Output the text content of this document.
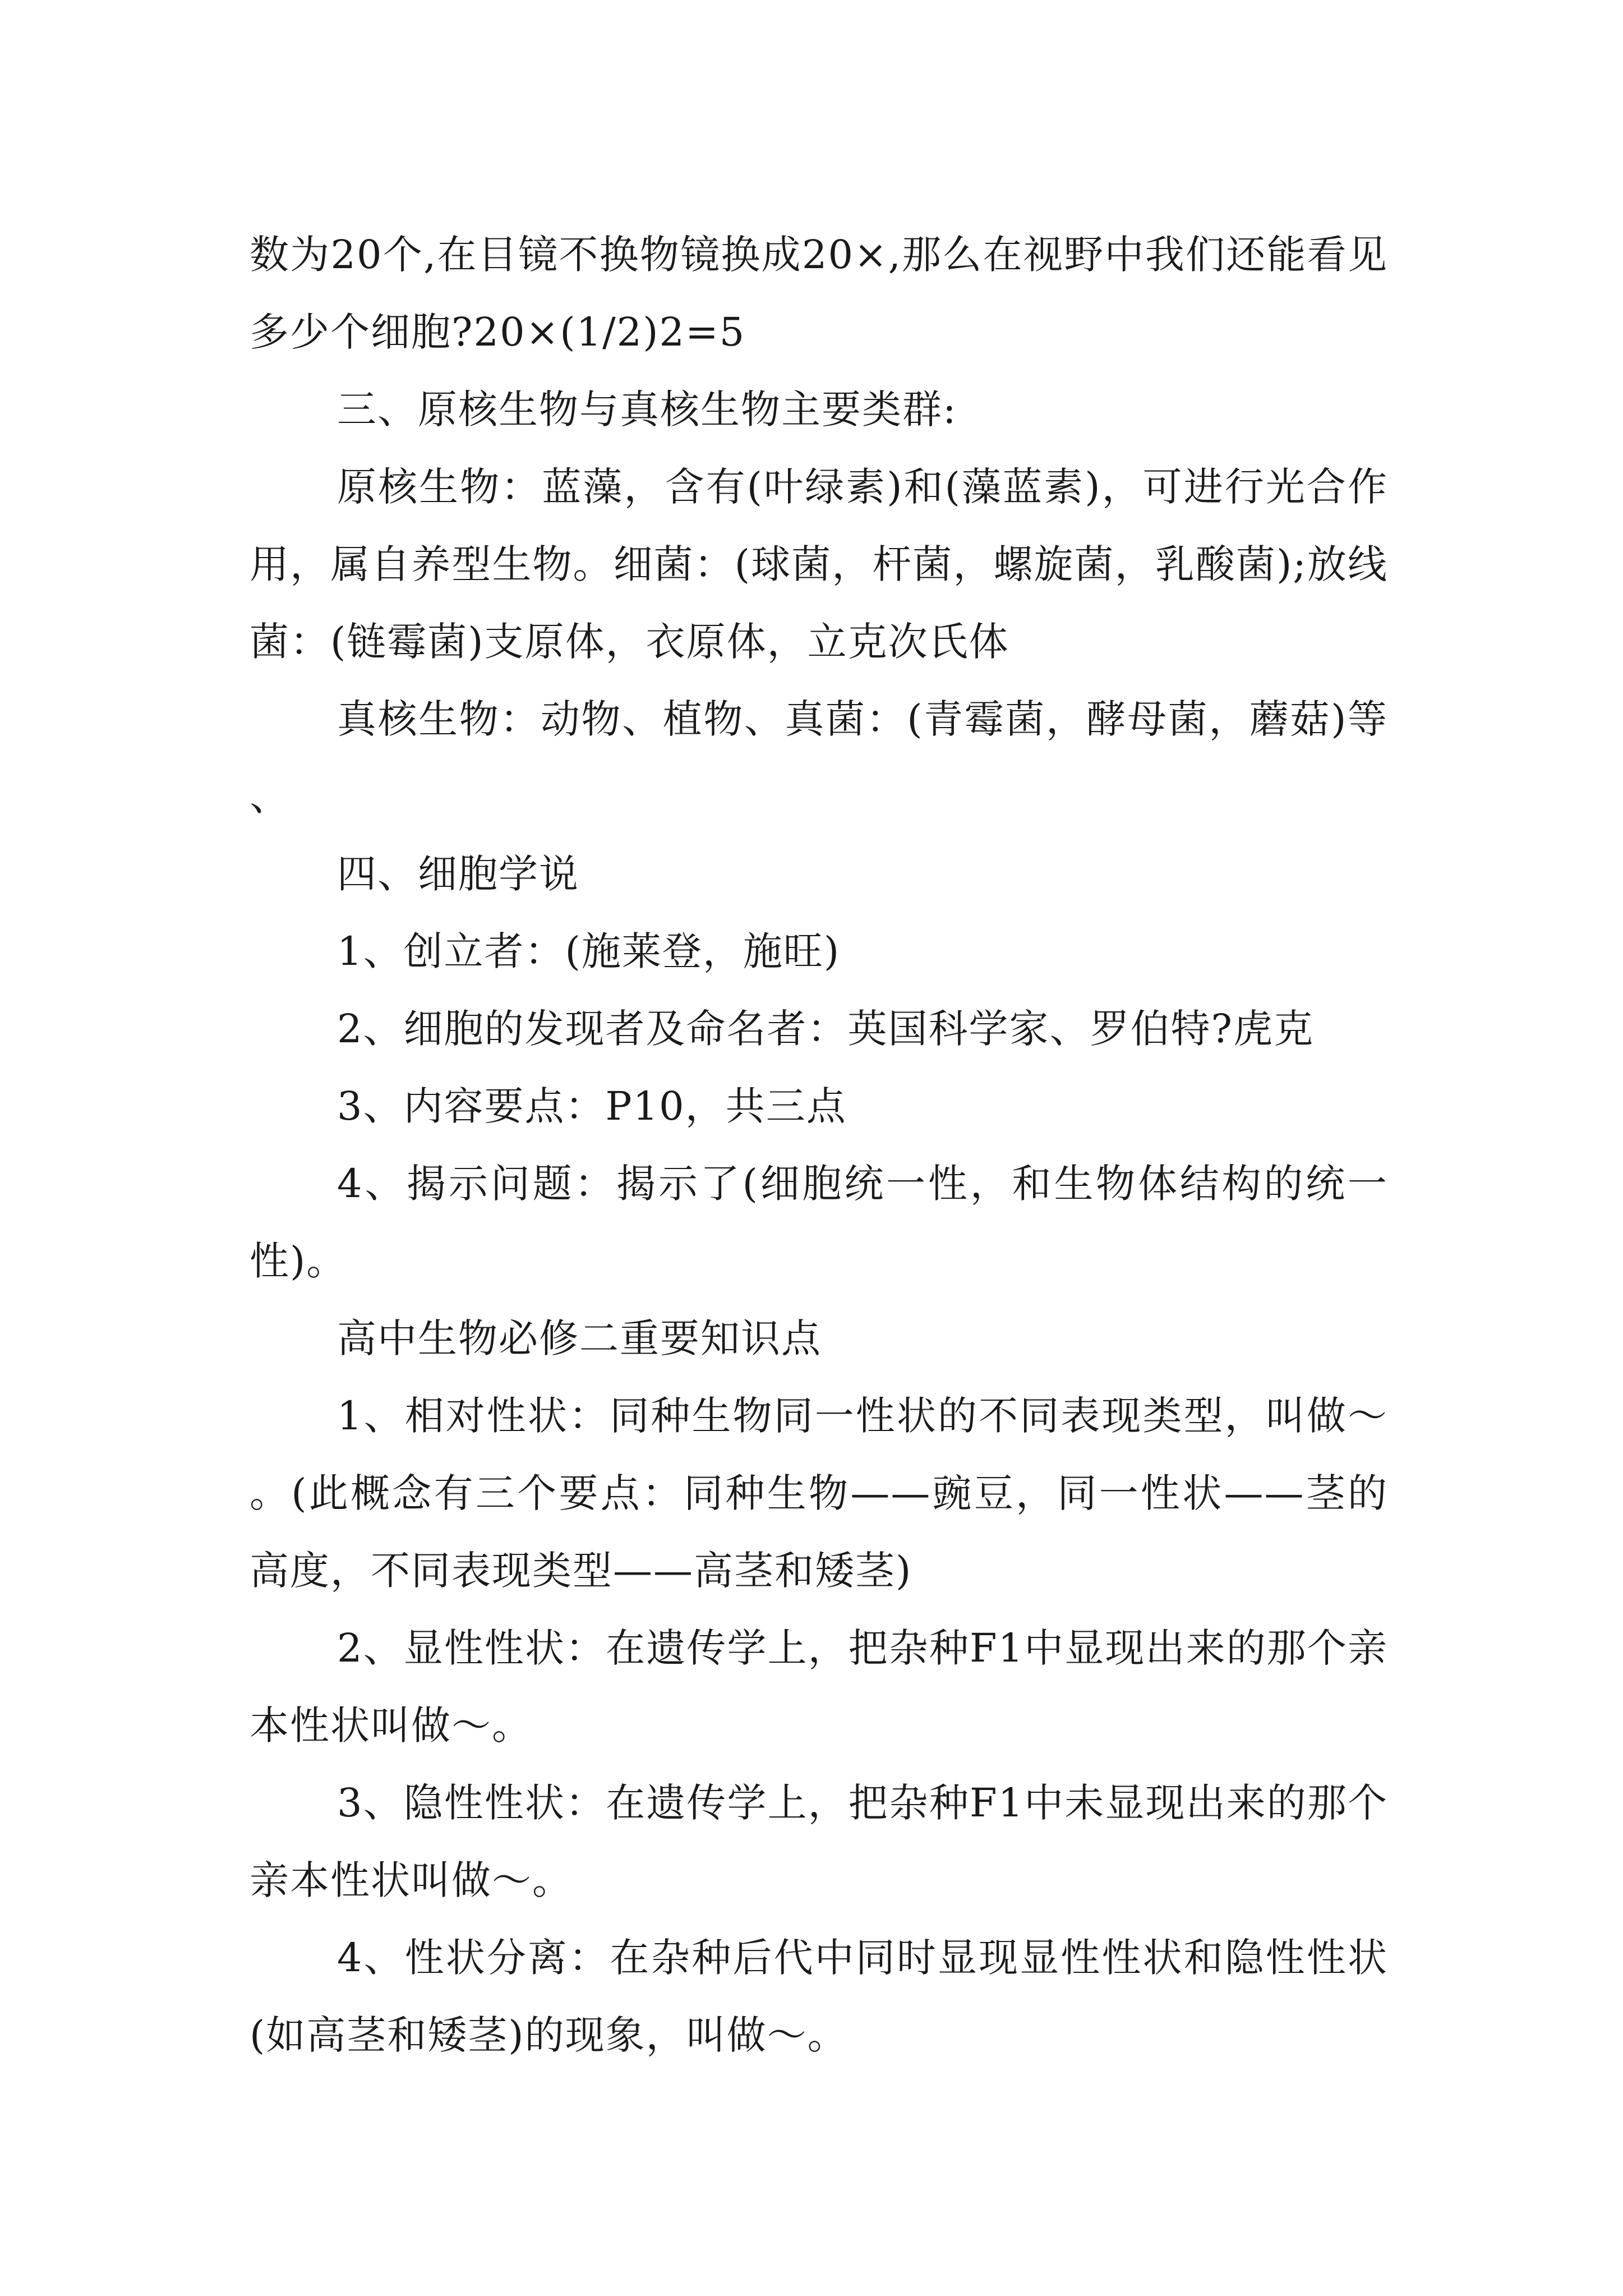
数为20个,在目镜不换物镜换成20×,那么在视野中我们还能看见多少个细胞?20×(1/2)2=5

三、原核生物与真核生物主要类群:

原核生物：蓝藻，含有(叶绿素)和(藻蓝素)，可进行光合作用，属自养型生物。细菌：(球菌，杆菌，螺旋菌，乳酸菌);放线菌：(链霉菌)支原体，衣原体，立克次氏体

真核生物：动物、植物、真菌：(青霉菌，酵母菌，蘑菇)等、

四、细胞学说

1、创立者：(施莱登，施旺)

2、细胞的发现者及命名者：英国科学家、罗伯特?虎克

3、内容要点：P10，共三点

4、揭示问题：揭示了(细胞统一性，和生物体结构的统一性)。

高中生物必修二重要知识点

1、相对性状：同种生物同一性状的不同表现类型，叫做～。(此概念有三个要点：同种生物——豌豆，同一性状——茎的高度，不同表现类型——高茎和矮茎)

2、显性性状：在遗传学上，把杂种F1中显现出来的那个亲本性状叫做～。

3、隐性性状：在遗传学上，把杂种F1中未显现出来的那个亲本性状叫做～。

4、性状分离：在杂种后代中同时显现显性性状和隐性性状(如高茎和矮茎)的现象，叫做～。
